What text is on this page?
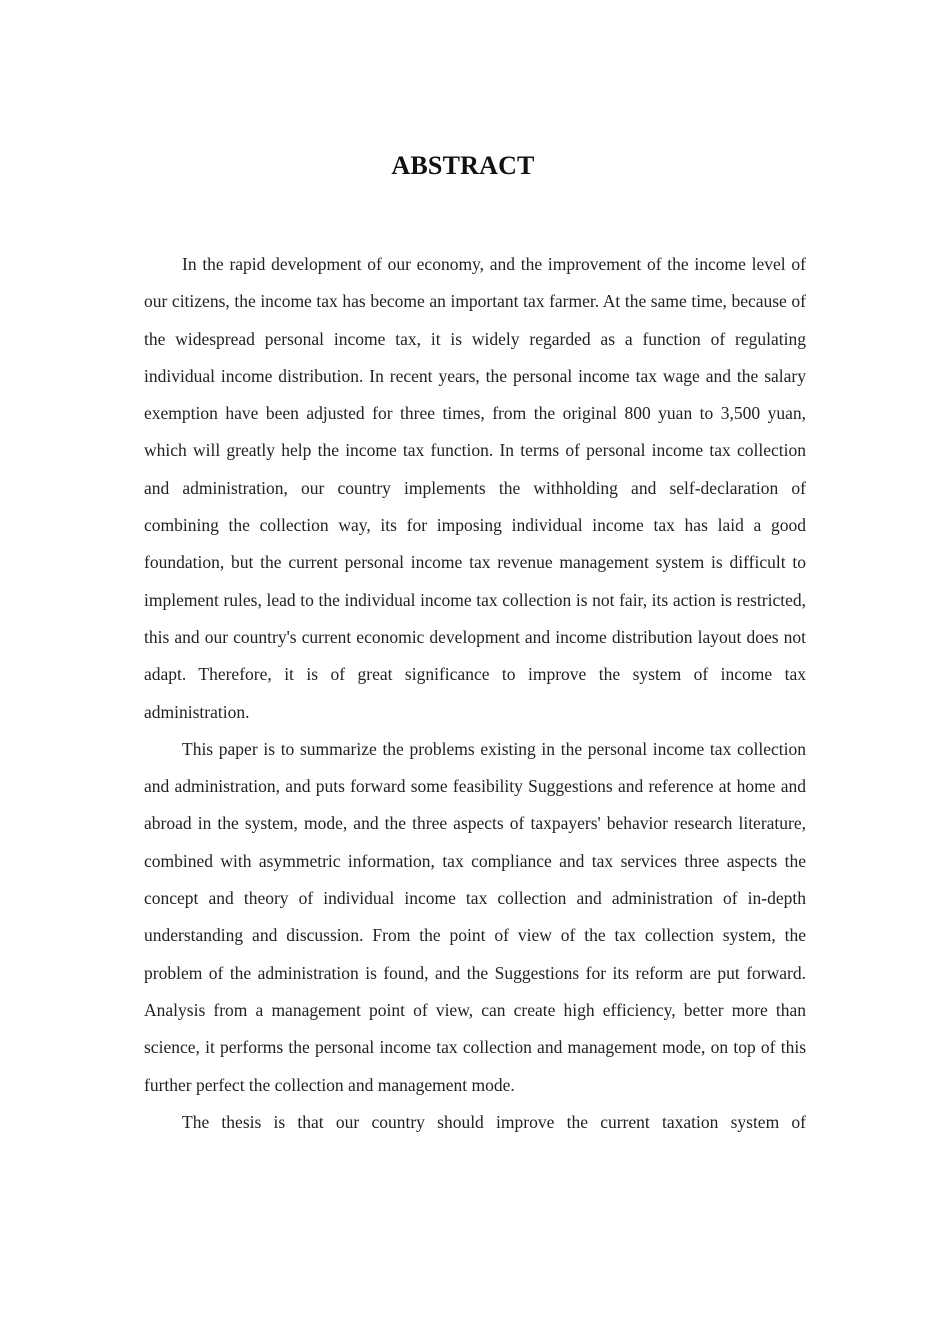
ABSTRACT

In the rapid development of our economy, and the improvement of the income level of our citizens, the income tax has become an important tax farmer. At the same time, because of the widespread personal income tax, it is widely regarded as a function of regulating individual income distribution. In recent years, the personal income tax wage and the salary exemption have been adjusted for three times, from the original 800 yuan to 3,500 yuan, which will greatly help the income tax function. In terms of personal income tax collection and administration, our country implements the withholding and self-declaration of combining the collection way, its for imposing individual income tax has laid a good foundation, but the current personal income tax revenue management system is difficult to implement rules, lead to the individual income tax collection is not fair, its action is restricted, this and our country's current economic development and income distribution layout does not adapt. Therefore, it is of great significance to improve the system of income tax administration.

This paper is to summarize the problems existing in the personal income tax collection and administration, and puts forward some feasibility Suggestions and reference at home and abroad in the system, mode, and the three aspects of taxpayers' behavior research literature, combined with asymmetric information, tax compliance and tax services three aspects the concept and theory of individual income tax collection and administration of in-depth understanding and discussion. From the point of view of the tax collection system, the problem of the administration is found, and the Suggestions for its reform are put forward. Analysis from a management point of view, can create high efficiency, better more than science, it performs the personal income tax collection and management mode, on top of this further perfect the collection and management mode.

The thesis is that our country should improve the current taxation system of
